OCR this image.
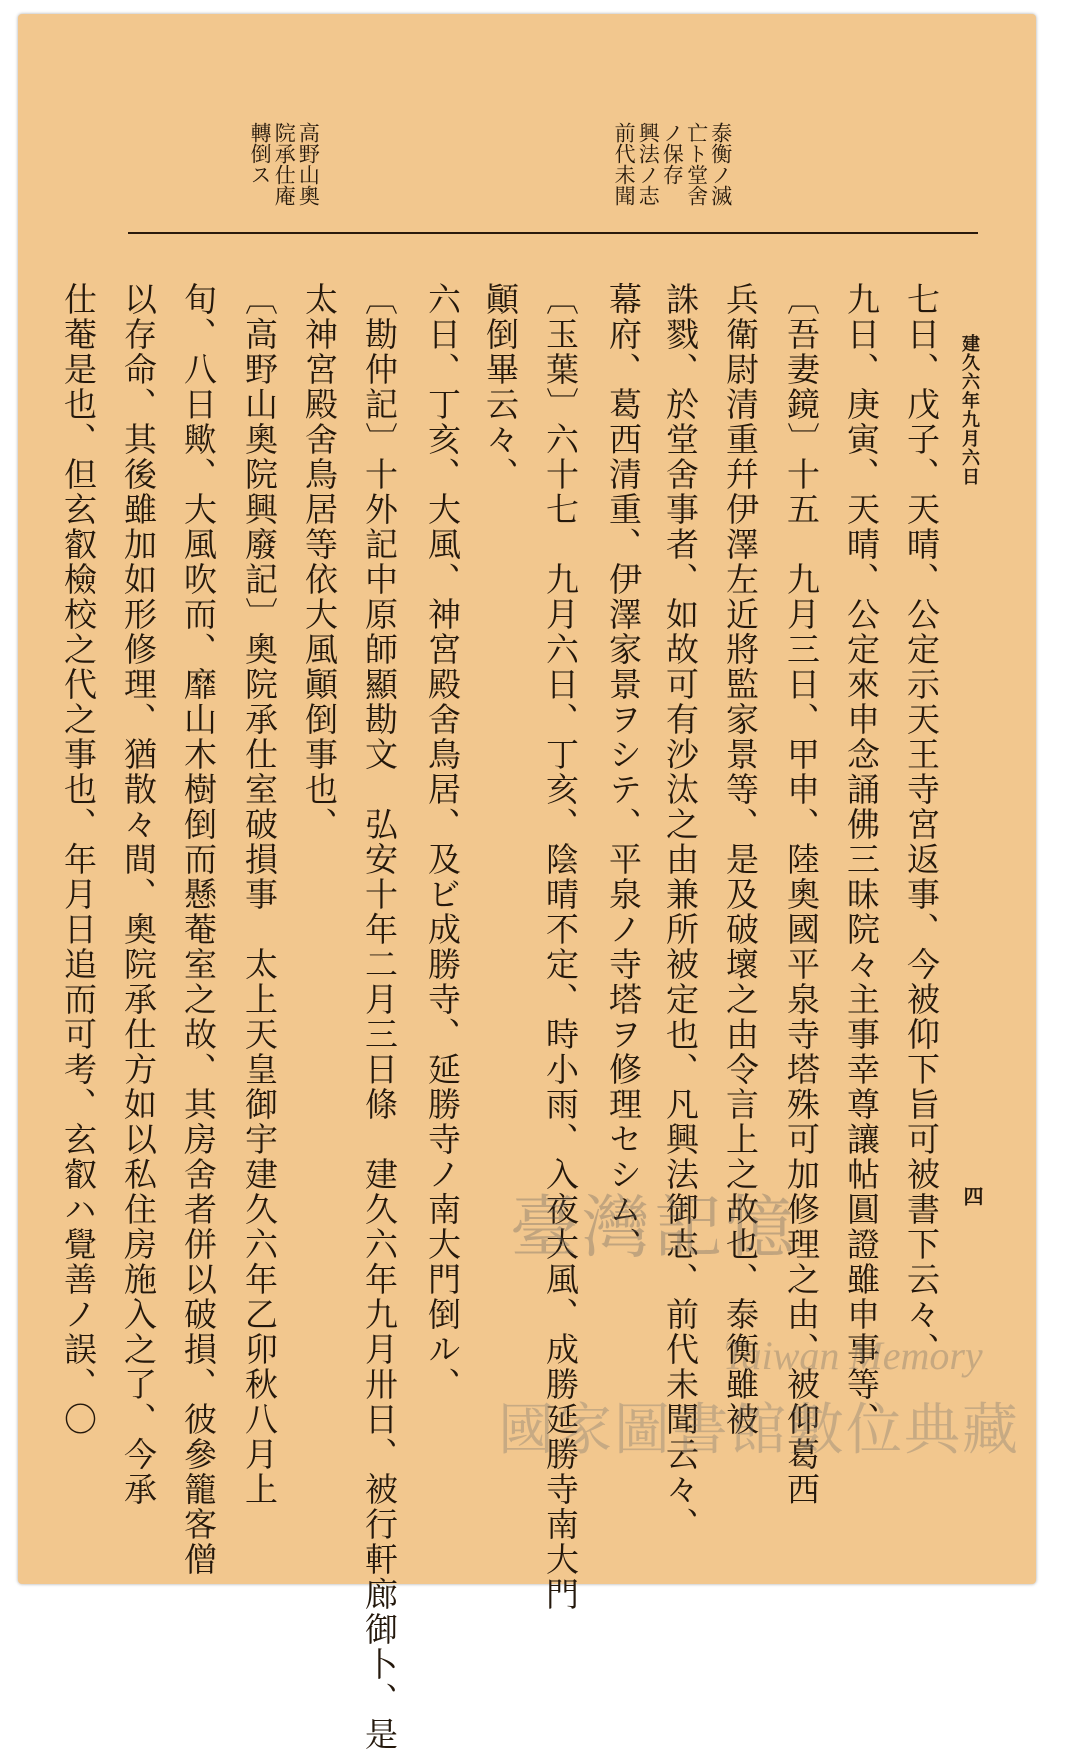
泰衡ノ滅
亡ト堂舍
ノ保存
興法ノ志
前代未聞
高野山奧
院承仕庵
轉倒ス
建久六年九月六日
四
七日、戊子、天晴、公定示天王寺宮返事、今被仰下旨可被書下云々、
九日、庚寅、天晴、公定來申念誦佛三昧院々主事幸尊讓帖圓證雖申事等、
〔吾妻鏡〕十五　九月三日、甲申、陸奧國平泉寺塔殊可加修理之由、被仰葛西
兵衛尉清重幷伊澤左近將監家景等、是及破壞之由令言上之故也、泰衡雖被
誅戮、於堂舍事者、如故可有沙汰之由兼所被定也、凡興法御志、前代未聞云々、
幕府、葛西清重、伊澤家景ヲシテ、平泉ノ寺塔ヲ修理セシム、
〔玉葉〕六十七　九月六日、丁亥、陰晴不定、時小雨、入夜大風、成勝延勝寺南大門
顚倒畢云々、
六日、丁亥、大風、神宮殿舍鳥居、及ビ成勝寺、延勝寺ノ南大門倒ル、
〔勘仲記〕十外記中原師顯勘文　弘安十年二月三日條　建久六年九月卅日、被行軒廊御卜、是
太神宮殿舍鳥居等依大風顚倒事也、
〔高野山奧院興廢記〕奧院承仕室破損事　太上天皇御宇建久六年乙卯秋八月上
旬、八日歟、大風吹而、靡山木樹倒而懸菴室之故、其房舍者併以破損、彼參籠客僧
以存命、其後雖加如形修理、猶散々間、奧院承仕方如以私住房施入之了、今承
仕菴是也、但玄叡檢校之代之事也、年月日追而可考、玄叡ハ覺善ノ誤、〇	臺灣記憶
Taiwan Memory
國家圖書館數位典藏
